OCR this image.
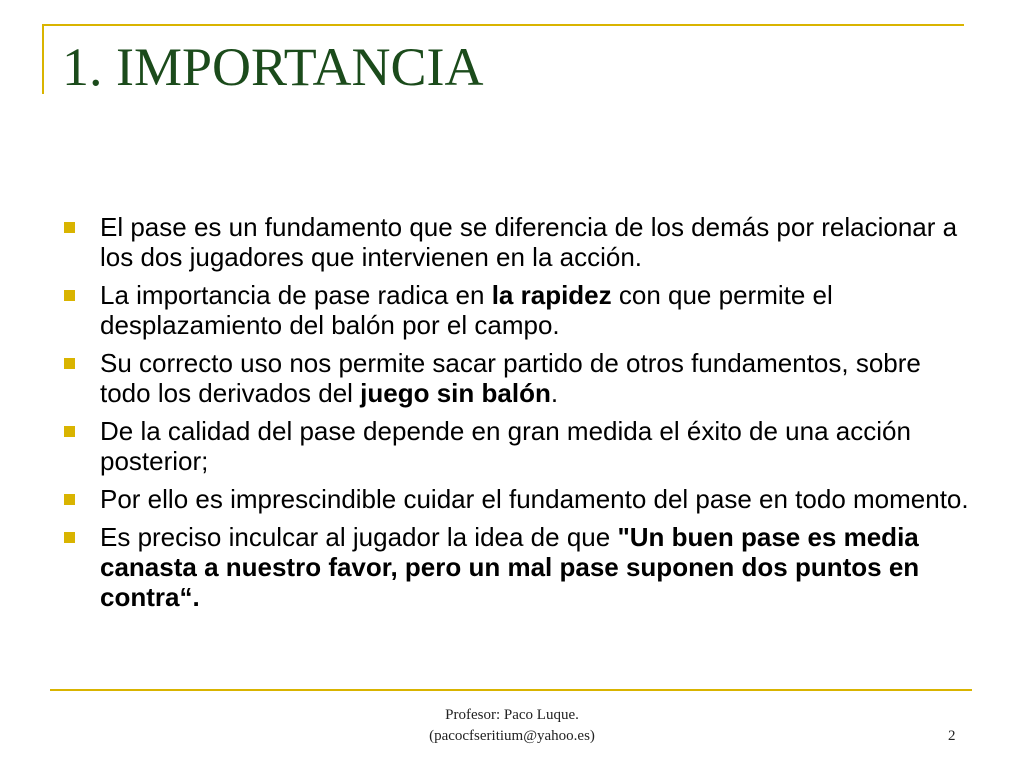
1. IMPORTANCIA
El pase es un fundamento que se diferencia de los demás por relacionar a los dos jugadores que intervienen en la acción.
La importancia de pase radica en la rapidez con que permite el desplazamiento del balón por el campo.
Su correcto uso nos permite sacar partido de otros fundamentos, sobre todo los derivados del juego sin balón.
De la calidad del pase depende en gran medida el éxito de una acción posterior;
Por ello es imprescindible cuidar el fundamento del pase en todo momento.
Es preciso inculcar al jugador la idea de que "Un buen pase es media canasta a nuestro favor, pero un mal pase suponen dos puntos en contra“.
Profesor: Paco Luque.
(pacocfseritium@yahoo.es)	2
